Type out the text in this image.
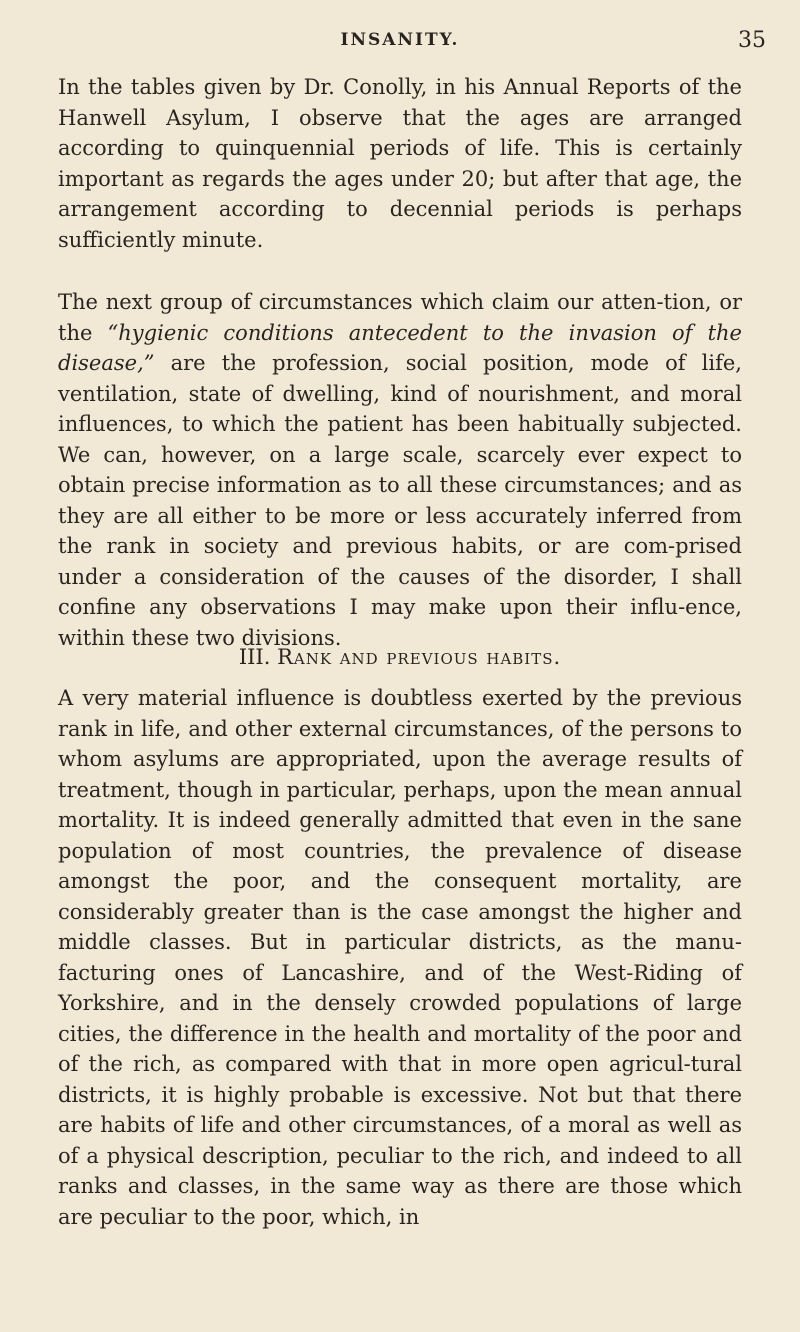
INSANITY.	35

In the tables given by Dr. Conolly, in his Annual Reports of the Hanwell Asylum, I observe that the ages are arranged according to quinquennial periods of life. This is certainly important as regards the ages under 20; but after that age, the arrangement according to decennial periods is perhaps sufficiently minute.

The next group of circumstances which claim our atten-tion, or the “hygienic conditions antecedent to the invasion of the disease,” are the profession, social position, mode of life, ventilation, state of dwelling, kind of nourishment, and moral influences, to which the patient has been habitually subjected. We can, however, on a large scale, scarcely ever expect to obtain precise information as to all these circumstances; and as they are all either to be more or less accurately inferred from the rank in society and previous habits, or are com-prised under a consideration of the causes of the disorder, I shall confine any observations I may make upon their influ-ence, within these two divisions.

III. Rank and previous habits.

A very material influence is doubtless exerted by the previous rank in life, and other external circumstances, of the persons to whom asylums are appropriated, upon the average results of treatment, though in particular, perhaps, upon the mean annual mortality. It is indeed generally admitted that even in the sane population of most countries, the prevalence of disease amongst the poor, and the consequent mortality, are considerably greater than is the case amongst the higher and middle classes. But in particular districts, as the manu-facturing ones of Lancashire, and of the West-Riding of Yorkshire, and in the densely crowded populations of large cities, the difference in the health and mortality of the poor and of the rich, as compared with that in more open agricul-tural districts, it is highly probable is excessive. Not but that there are habits of life and other circumstances, of a moral as well as of a physical description, peculiar to the rich, and indeed to all ranks and classes, in the same way as there are those which are peculiar to the poor, which, in
